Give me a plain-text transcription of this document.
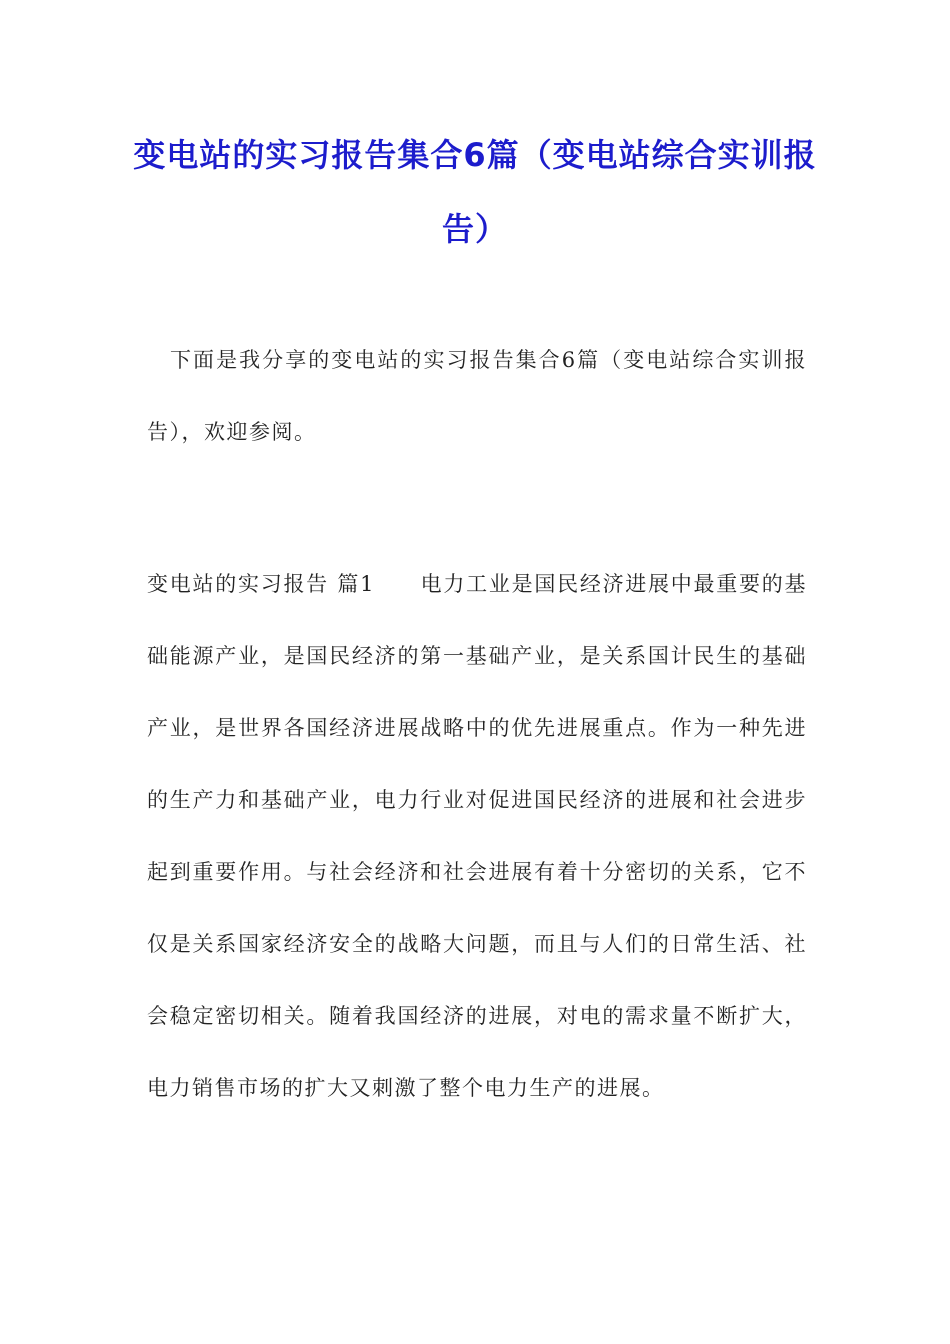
变电站的实习报告集合6篇（变电站综合实训报告）

下面是我分享的变电站的实习报告集合6篇（变电站综合实训报告），欢迎参阅。

变电站的实习报告 篇1　　电力工业是国民经济进展中最重要的基础能源产业，是国民经济的第一基础产业，是关系国计民生的基础产业，是世界各国经济进展战略中的优先进展重点。作为一种先进的生产力和基础产业，电力行业对促进国民经济的进展和社会进步起到重要作用。与社会经济和社会进展有着十分密切的关系，它不仅是关系国家经济安全的战略大问题，而且与人们的日常生活、社会稳定密切相关。随着我国经济的进展，对电的需求量不断扩大，电力销售市场的扩大又刺激了整个电力生产的进展。
